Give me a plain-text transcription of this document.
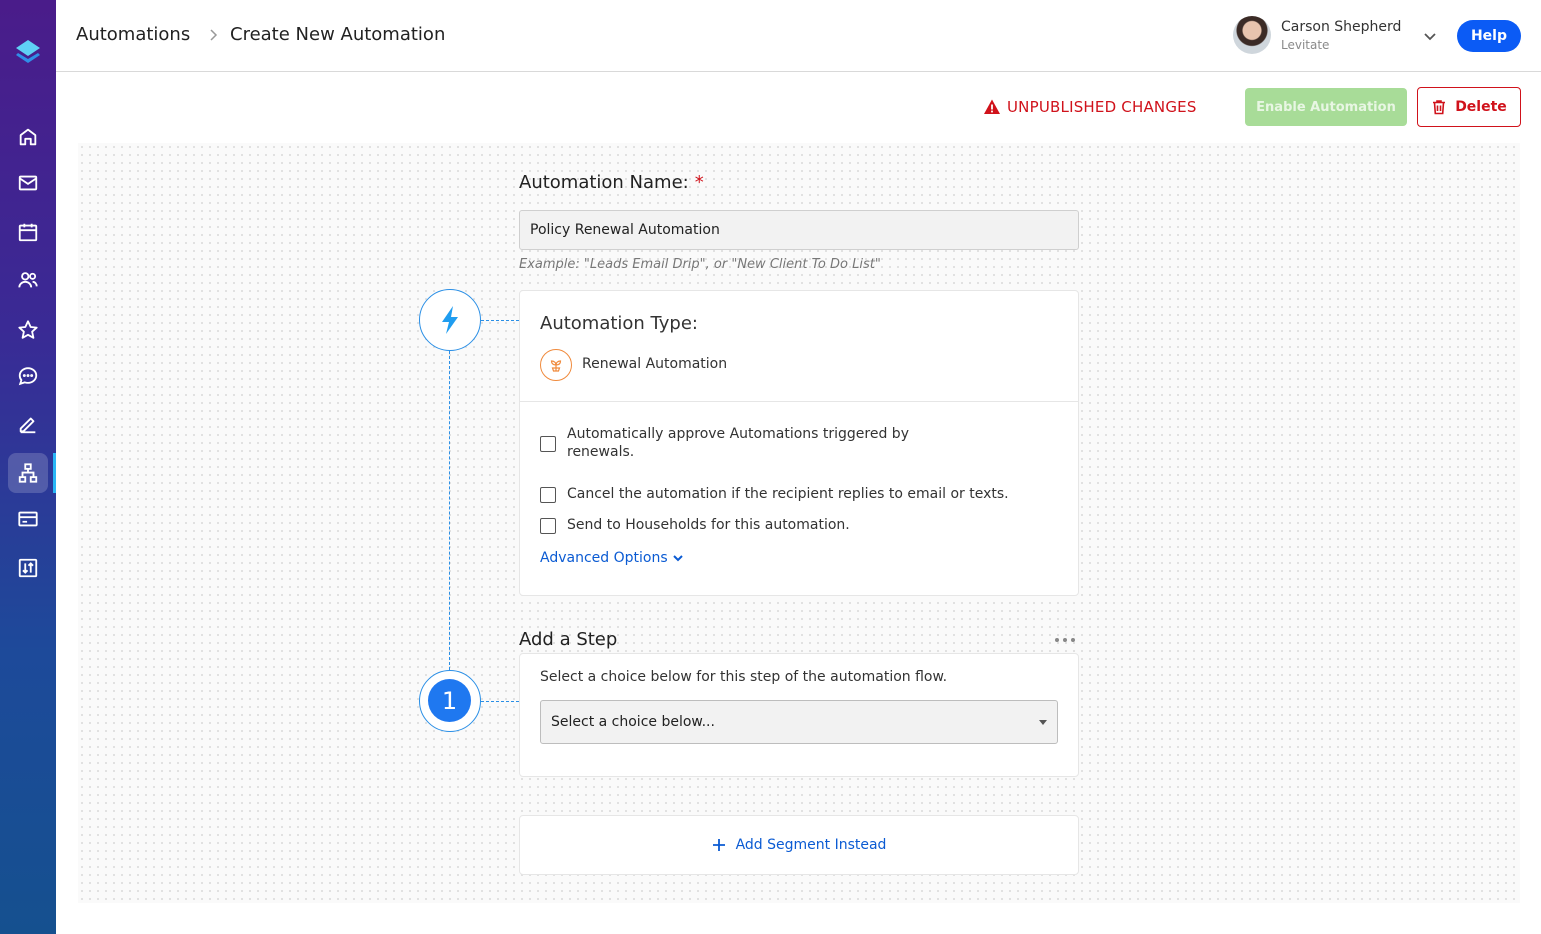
Automations Create New Automation	Carson Shepherd
Levitate
Help
UNPUBLISHED CHANGES	Enable Automation	Delete
1
Automation Name: *
Policy Renewal Automation
Example: "Leads Email Drip", or "New Client To Do List"
Automation Type:
Renewal Automation
Automatically approve Automations triggered by renewals.
Cancel the automation if the recipient replies to email or texts.
Send to Households for this automation.
Advanced Options
Add a Step
Select a choice below for this step of the automation flow.
Select a choice below...
Add Segment Instead
